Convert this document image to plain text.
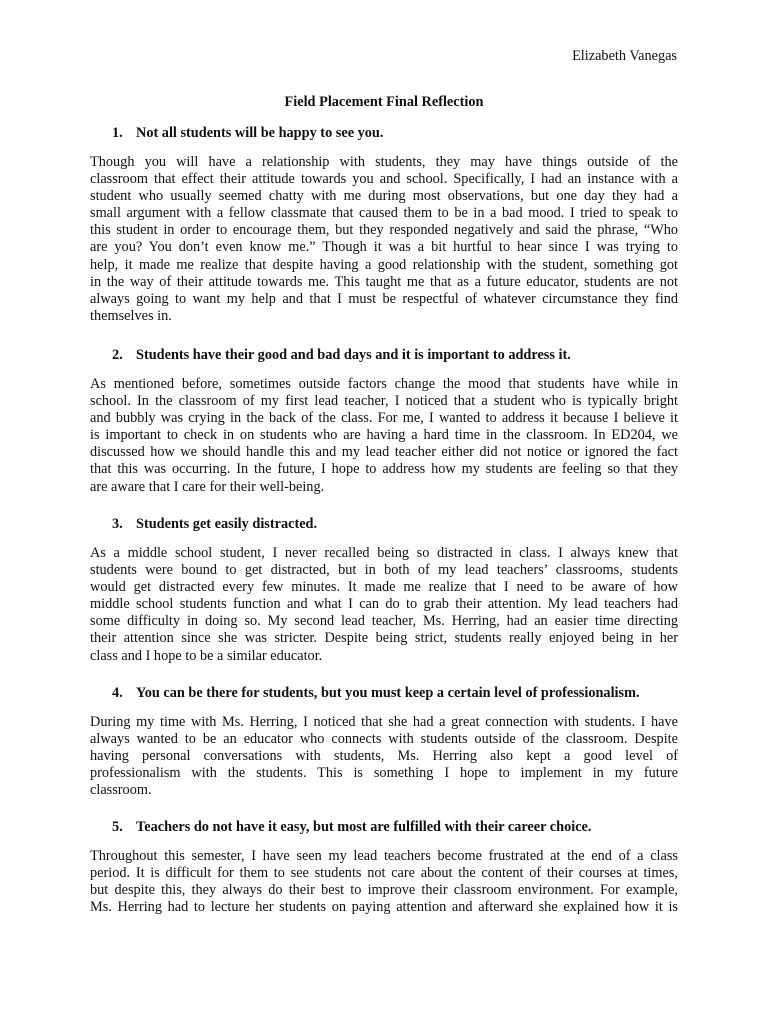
Elizabeth Vanegas
Field Placement Final Reflection
1. Not all students will be happy to see you.
Though you will have a relationship with students, they may have things outside of the
classroom that effect their attitude towards you and school. Specifically, I had an instance with a
student who usually seemed chatty with me during most observations, but one day they had a
small argument with a fellow classmate that caused them to be in a bad mood. I tried to speak to
this student in order to encourage them, but they responded negatively and said the phrase, “Who
are you? You don’t even know me.” Though it was a bit hurtful to hear since I was trying to
help, it made me realize that despite having a good relationship with the student, something got
in the way of their attitude towards me. This taught me that as a future educator, students are not
always going to want my help and that I must be respectful of whatever circumstance they find
themselves in.
2. Students have their good and bad days and it is important to address it.
As mentioned before, sometimes outside factors change the mood that students have while in
school. In the classroom of my first lead teacher, I noticed that a student who is typically bright
and bubbly was crying in the back of the class. For me, I wanted to address it because I believe it
is important to check in on students who are having a hard time in the classroom. In ED204, we
discussed how we should handle this and my lead teacher either did not notice or ignored the fact
that this was occurring. In the future, I hope to address how my students are feeling so that they
are aware that I care for their well-being.
3. Students get easily distracted.
As a middle school student, I never recalled being so distracted in class. I always knew that
students were bound to get distracted, but in both of my lead teachers’ classrooms, students
would get distracted every few minutes. It made me realize that I need to be aware of how
middle school students function and what I can do to grab their attention. My lead teachers had
some difficulty in doing so. My second lead teacher, Ms. Herring, had an easier time directing
their attention since she was stricter. Despite being strict, students really enjoyed being in her
class and I hope to be a similar educator.
4. You can be there for students, but you must keep a certain level of professionalism.
During my time with Ms. Herring, I noticed that she had a great connection with students. I have
always wanted to be an educator who connects with students outside of the classroom. Despite
having personal conversations with students, Ms. Herring also kept a good level of
professionalism with the students. This is something I hope to implement in my future
classroom.
5. Teachers do not have it easy, but most are fulfilled with their career choice.
Throughout this semester, I have seen my lead teachers become frustrated at the end of a class
period. It is difficult for them to see students not care about the content of their courses at times,
but despite this, they always do their best to improve their classroom environment. For example,
Ms. Herring had to lecture her students on paying attention and afterward she explained how it is
